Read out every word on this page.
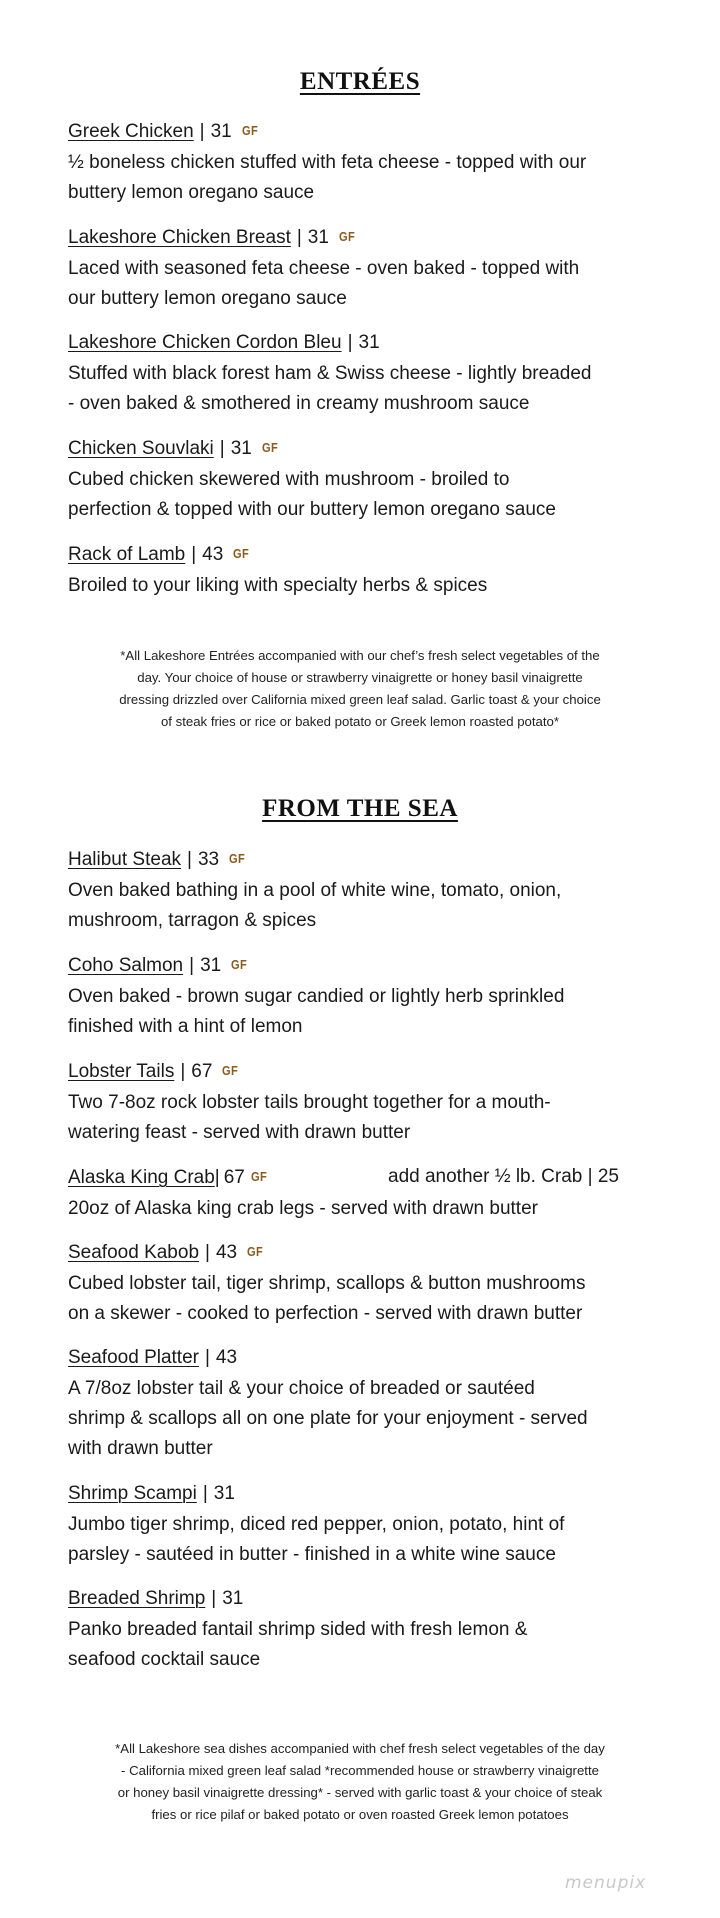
ENTRÉES
Greek Chicken | 31 GF
½ boneless chicken stuffed with feta cheese - topped with our
buttery lemon oregano sauce
Lakeshore Chicken Breast | 31 GF
Laced with seasoned feta cheese - oven baked - topped with
our buttery lemon oregano sauce
Lakeshore Chicken Cordon Bleu | 31
Stuffed with black forest ham & Swiss cheese - lightly breaded
- oven baked & smothered in creamy mushroom sauce
Chicken Souvlaki | 31 GF
Cubed chicken skewered with mushroom - broiled to
perfection & topped with our buttery lemon oregano sauce
Rack of Lamb | 43 GF
Broiled to your liking with specialty herbs & spices
*All Lakeshore Entrées accompanied with our chef’s fresh select vegetables of the
day. Your choice of house or strawberry vinaigrette or honey basil vinaigrette
dressing drizzled over California mixed green leaf salad. Garlic toast & your choice
of steak fries or rice or baked potato or Greek lemon roasted potato*
FROM THE SEA
Halibut Steak | 33 GF
Oven baked bathing in a pool of white wine, tomato, onion,
mushroom, tarragon & spices
Coho Salmon | 31 GF
Oven baked - brown sugar candied or lightly herb sprinkled
finished with a hint of lemon
Lobster Tails | 67 GF
Two 7-8oz rock lobster tails brought together for a mouth-
watering feast - served with drawn butter
Alaska King Crab| 67 GF	add another ½ lb. Crab | 25
20oz of Alaska king crab legs - served with drawn butter
Seafood Kabob | 43 GF
Cubed lobster tail, tiger shrimp, scallops & button mushrooms
on a skewer - cooked to perfection - served with drawn butter
Seafood Platter | 43
A 7/8oz lobster tail & your choice of breaded or sautéed
shrimp & scallops all on one plate for your enjoyment - served
with drawn butter
Shrimp Scampi | 31
Jumbo tiger shrimp, diced red pepper, onion, potato, hint of
parsley - sautéed in butter - finished in a white wine sauce
Breaded Shrimp | 31
Panko breaded fantail shrimp sided with fresh lemon &
seafood cocktail sauce
*All Lakeshore sea dishes accompanied with chef fresh select vegetables of the day
- California mixed green leaf salad *recommended house or strawberry vinaigrette
or honey basil vinaigrette dressing* - served with garlic toast & your choice of steak
fries or rice pilaf or baked potato or oven roasted Greek lemon potatoes
menupix
